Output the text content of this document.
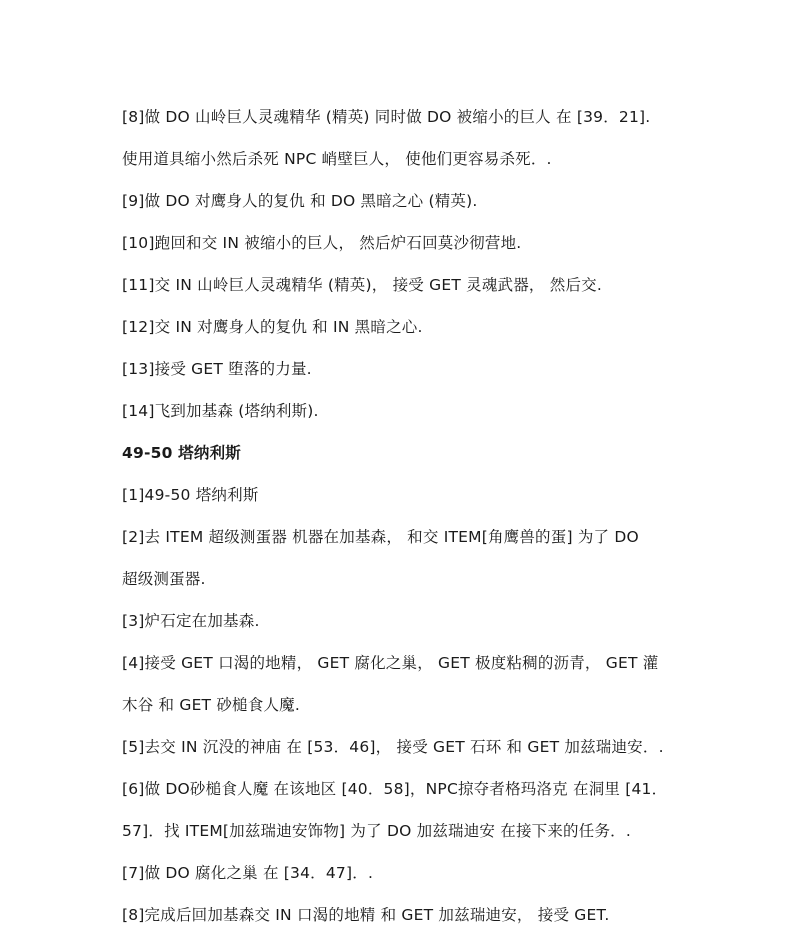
[8]做 DO 山岭巨人灵魂精华 (精英) 同时做 DO 被缩小的巨人 在 [39．21].
使用道具缩小然后杀死 NPC 峭壁巨人， 使他们更容易杀死．.
[9]做 DO 对鹰身人的复仇 和 DO 黑暗之心 (精英).
[10]跑回和交 IN 被缩小的巨人， 然后炉石回莫沙彻营地.
[11]交 IN 山岭巨人灵魂精华 (精英)， 接受 GET 灵魂武器， 然后交.
[12]交 IN 对鹰身人的复仇 和 IN 黑暗之心.
[13]接受 GET 堕落的力量.
[14]飞到加基森 (塔纳利斯).
49-50 塔纳利斯
[1]49-50 塔纳利斯
[2]去 ITEM 超级测蛋器 机器在加基森， 和交 ITEM[角鹰兽的蛋] 为了 DO
超级测蛋器.
[3]炉石定在加基森.
[4]接受 GET 口渴的地精， GET 腐化之巢， GET 极度粘稠的沥青， GET 灌
木谷 和 GET 砂槌食人魔.
[5]去交 IN 沉没的神庙 在 [53．46]， 接受 GET 石环 和 GET 加兹瑞迪安．.
[6]做 DO砂槌食人魔 在该地区 [40．58]，NPC掠夺者格玛洛克 在洞里 [41．
57]．找 ITEM[加兹瑞迪安饰物] 为了 DO 加兹瑞迪安 在接下来的任务．.
[7]做 DO 腐化之巢 在 [34．47]．.
[8]完成后回加基森交 IN 口渴的地精 和 GET 加兹瑞迪安， 接受 GET.
